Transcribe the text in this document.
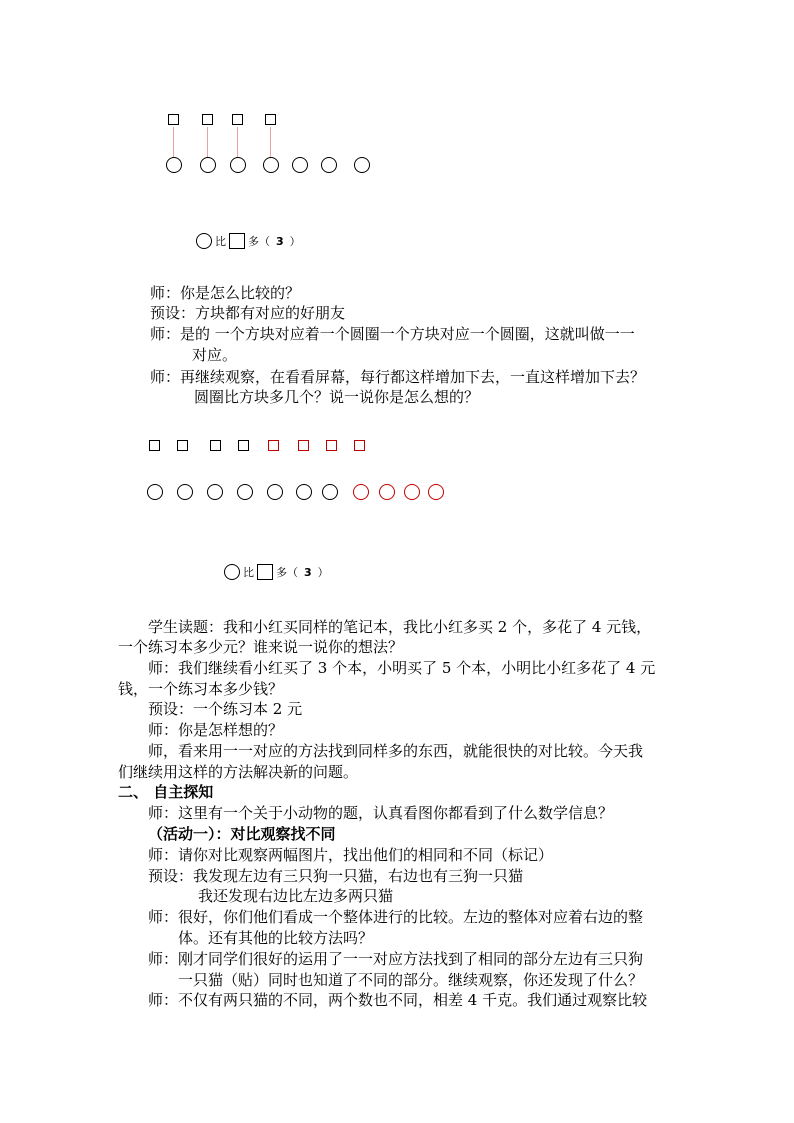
比 多（ 3 ）
师：你是怎么比较的？
预设：方块都有对应的好朋友
师：是的 一个方块对应着一个圆圈一个方块对应一个圆圈，这就叫做一一
对应。
师：再继续观察，在看看屏幕，每行都这样增加下去，一直这样增加下去？
圆圈比方块多几个？说一说你是怎么想的？
比 多（ 3 ）
学生读题：我和小红买同样的笔记本，我比小红多买 2 个，多花了 4 元钱，
一个练习本多少元？谁来说一说你的想法？
师：我们继续看小红买了 3 个本，小明买了 5 个本，小明比小红多花了 4 元
钱，一个练习本多少钱？
预设：一个练习本 2 元
师：你是怎样想的？
师，看来用一一对应的方法找到同样多的东西，就能很快的对比较。今天我
们继续用这样的方法解决新的问题。
二、 自主探知
师：这里有一个关于小动物的题，认真看图你都看到了什么数学信息？
（活动一）：对比观察找不同
师：请你对比观察两幅图片，找出他们的相同和不同（标记）
预设：我发现左边有三只狗一只猫，右边也有三狗一只猫
我还发现右边比左边多两只猫
师：很好，你们他们看成一个整体进行的比较。左边的整体对应着右边的整
体。还有其他的比较方法吗？
师：刚才同学们很好的运用了一一对应方法找到了相同的部分左边有三只狗
一只猫（贴）同时也知道了不同的部分。继续观察，你还发现了什么？
师：不仅有两只猫的不同，两个数也不同，相差 4 千克。我们通过观察比较
